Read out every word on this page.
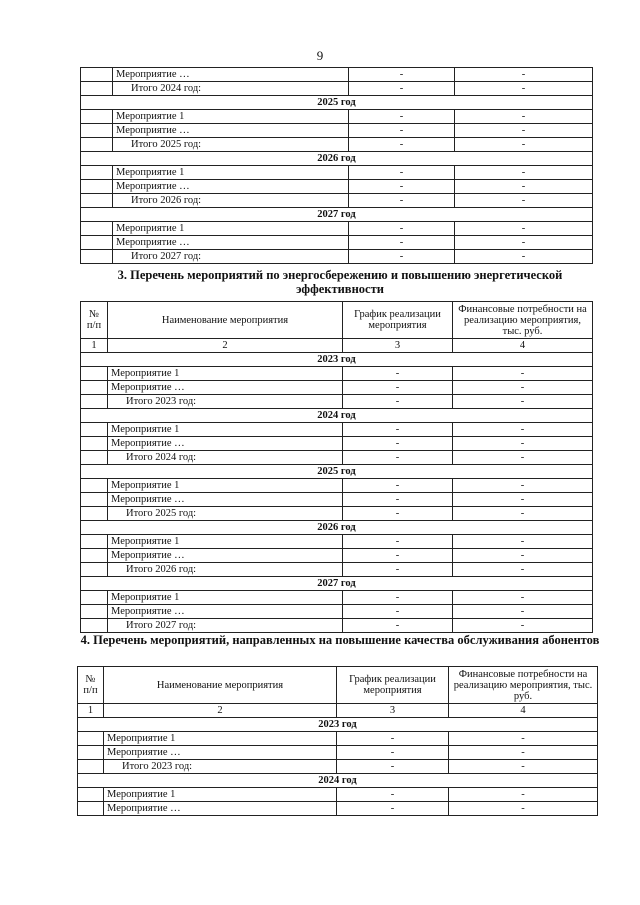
9
	Мероприятие …	-	-
	Итого 2024 год:	-	-
2025 год			
	Мероприятие 1	-	-
	Мероприятие …	-	-
	Итого 2025 год:	-	-
2026 год			
	Мероприятие 1	-	-
	Мероприятие …	-	-
	Итого 2026 год:	-	-
2027 год			
	Мероприятие 1	-	-
	Мероприятие …	-	-
	Итого 2027 год:	-	-
3. Перечень мероприятий по энергосбережению и повышению энергетической эффективности
№ п/п	Наименование мероприятия	График реализации мероприятия	Финансовые потребности на реализацию мероприятия, тыс. руб.
1	2	3	4
2023 год			
	Мероприятие 1	-	-
	Мероприятие …	-	-
	Итого 2023 год:	-	-
2024 год			
	Мероприятие 1	-	-
	Мероприятие …	-	-
	Итого 2024 год:	-	-
2025 год			
	Мероприятие 1	-	-
	Мероприятие …	-	-
	Итого 2025 год:	-	-
2026 год			
	Мероприятие 1	-	-
	Мероприятие …	-	-
	Итого 2026 год:	-	-
2027 год			
	Мероприятие 1	-	-
	Мероприятие …	-	-
	Итого 2027 год:	-	-
4. Перечень мероприятий, направленных на повышение качества обслуживания абонентов
№ п/п	Наименование мероприятия	График реализации мероприятия	Финансовые потребности на реализацию мероприятия, тыс. руб.
1	2	3	4
2023 год			
	Мероприятие 1	-	-
	Мероприятие …	-	-
	Итого 2023 год:	-	-
2024 год			
	Мероприятие 1	-	-
	Мероприятие …	-	-
